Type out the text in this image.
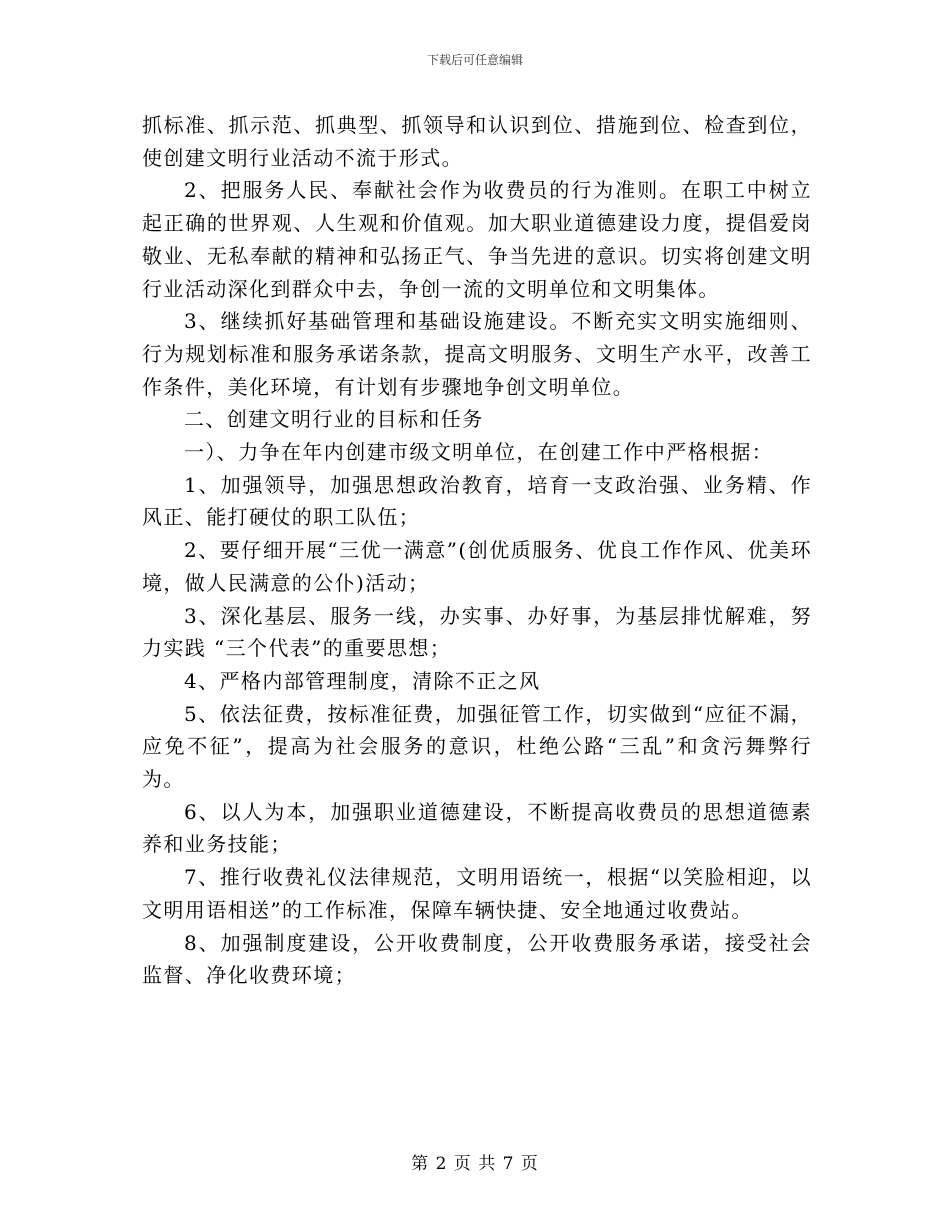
下载后可任意编辑

抓标准、抓示范、抓典型、抓领导和认识到位、措施到位、检查到位，使创建文明行业活动不流于形式。

2、把服务人民、奉献社会作为收费员的行为准则。在职工中树立起正确的世界观、人生观和价值观。加大职业道德建设力度，提倡爱岗敬业、无私奉献的精神和弘扬正气、争当先进的意识。切实将创建文明行业活动深化到群众中去，争创一流的文明单位和文明集体。

3、继续抓好基础管理和基础设施建设。不断充实文明实施细则、行为规划标准和服务承诺条款，提高文明服务、文明生产水平，改善工作条件，美化环境，有计划有步骤地争创文明单位。

二、创建文明行业的目标和任务

一）、力争在年内创建市级文明单位，在创建工作中严格根据：

1、加强领导，加强思想政治教育，培育一支政治强、业务精、作风正、能打硬仗的职工队伍；

2、要仔细开展“三优一满意”(创优质服务、优良工作作风、优美环境，做人民满意的公仆)活动；

3、深化基层、服务一线，办实事、办好事，为基层排忧解难，努力实践 “三个代表”的重要思想；

4、严格内部管理制度，清除不正之风

5、依法征费，按标准征费，加强征管工作，切实做到“应征不漏，应免不征”，提高为社会服务的意识，杜绝公路“三乱”和贪污舞弊行为。

6、以人为本，加强职业道德建设，不断提高收费员的思想道德素养和业务技能；

7、推行收费礼仪法律规范，文明用语统一，根据“以笑脸相迎，以文明用语相送”的工作标准，保障车辆快捷、安全地通过收费站。

8、加强制度建设，公开收费制度，公开收费服务承诺，接受社会监督、净化收费环境；

第 2 页 共 7 页
